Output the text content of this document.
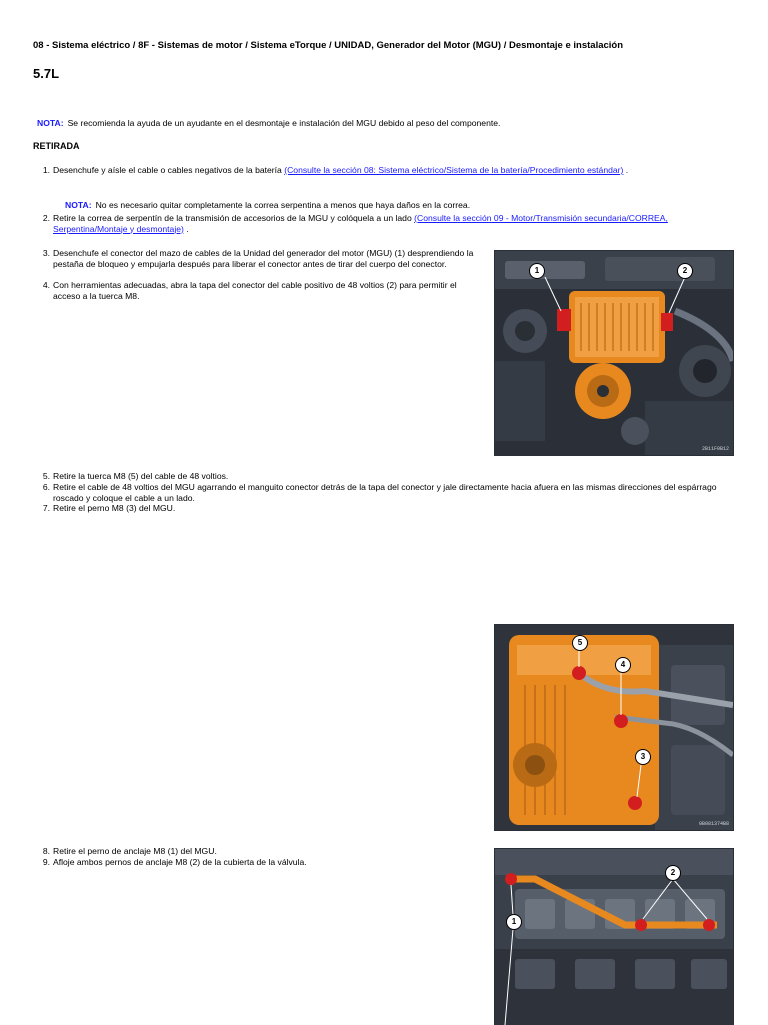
08 - Sistema eléctrico / 8F - Sistemas de motor / Sistema eTorque / UNIDAD, Generador del Motor (MGU) / Desmontaje e instalación
5.7L
NOTA: Se recomienda la ayuda de un ayudante en el desmontaje e instalación del MGU debido al peso del componente.
RETIRADA
1. Desenchufe y aísle el cable o cables negativos de la batería (Consulte la sección 08: Sistema eléctrico/Sistema de la batería/Procedimiento estándar) .
NOTA: No es necesario quitar completamente la correa serpentina a menos que haya daños en la correa.
2. Retire la correa de serpentín de la transmisión de accesorios de la MGU y colóquela a un lado (Consulte la sección 09 - Motor/Transmisión secundaria/CORREA, Serpentina/Montaje y desmontaje) .
3. Desenchufe el conector del mazo de cables de la Unidad del generador del motor (MGU) (1) desprendiendo la pestaña de bloqueo y empujarla después para liberar el conector antes de tirar del cuerpo del conector.
4. Con herramientas adecuadas, abra la tapa del conector del cable positivo de 48 voltios (2) para permitir el acceso a la tuerca M8.
1	2
2B11F0B12
5. Retire la tuerca M8 (5) del cable de 48 voltios.
6. Retire el cable de 48 voltios del MGU agarrando el manguito conector detrás de la tapa del conector y jale directamente hacia afuera en las mismas direcciones del espárrago roscado y coloque el cable a un lado.
7. Retire el perno M8 (3) del MGU.
5
4
3
0B081374B8
8. Retire el perno de anclaje M8 (1) del MGU.
9. Afloje ambos pernos de anclaje M8 (2) de la cubierta de la válvula.
2
1
